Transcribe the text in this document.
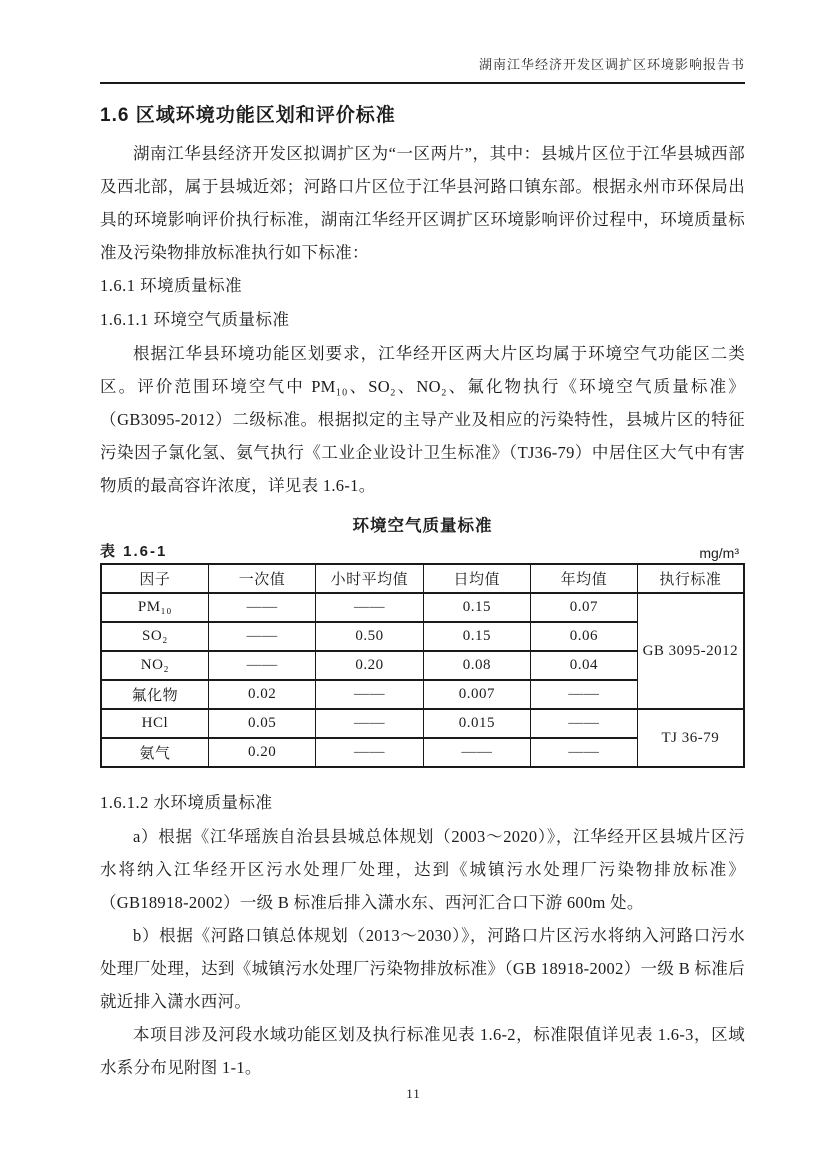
湖南江华经济开发区调扩区环境影响报告书
1.6 区域环境功能区划和评价标准

湖南江华县经济开发区拟调扩区为“一区两片”，其中：县城片区位于江华县城西部及西北部，属于县城近郊；河路口片区位于江华县河路口镇东部。根据永州市环保局出具的环境影响评价执行标准，湖南江华经开区调扩区环境影响评价过程中，环境质量标准及污染物排放标准执行如下标准：

1.6.1 环境质量标准
1.6.1.1 环境空气质量标准

根据江华县环境功能区划要求，江华经开区两大片区均属于环境空气功能区二类区。评价范围环境空气中 PM₁₀、SO₂、NO₂、氟化物执行《环境空气质量标准》（GB3095-2012）二级标准。根据拟定的主导产业及相应的污染特性，县城片区的特征污染因子氯化氢、氨气执行《工业企业设计卫生标准》（TJ36-79）中居住区大气中有害物质的最高容许浓度，详见表 1.6-1。

环境空气质量标准
表 1.6-1	mg/m³
因子	一次值	小时平均值	日均值	年均值	执行标准
PM₁₀	——	——	0.15	0.07	GB 3095-2012
SO₂	——	0.50	0.15	0.06	
NO₂	——	0.20	0.08	0.04	
氟化物	0.02	——	0.007	——	
HCl	0.05	——	0.015	——	TJ 36-79
氨气	0.20	——	——	——	
1.6.1.2 水环境质量标准

a）根据《江华瑶族自治县县城总体规划（2003～2020）》，江华经开区县城片区污水将纳入江华经开区污水处理厂处理，达到《城镇污水处理厂污染物排放标准》（GB18918-2002）一级 B 标准后排入潇水东、西河汇合口下游 600m 处。

b）根据《河路口镇总体规划（2013～2030）》，河路口片区污水将纳入河路口污水处理厂处理，达到《城镇污水处理厂污染物排放标准》（GB 18918-2002）一级 B 标准后就近排入潇水西河。

本项目涉及河段水域功能区划及执行标准见表 1.6-2，标准限值详见表 1.6-3，区域水系分布见附图 1-1。

11
